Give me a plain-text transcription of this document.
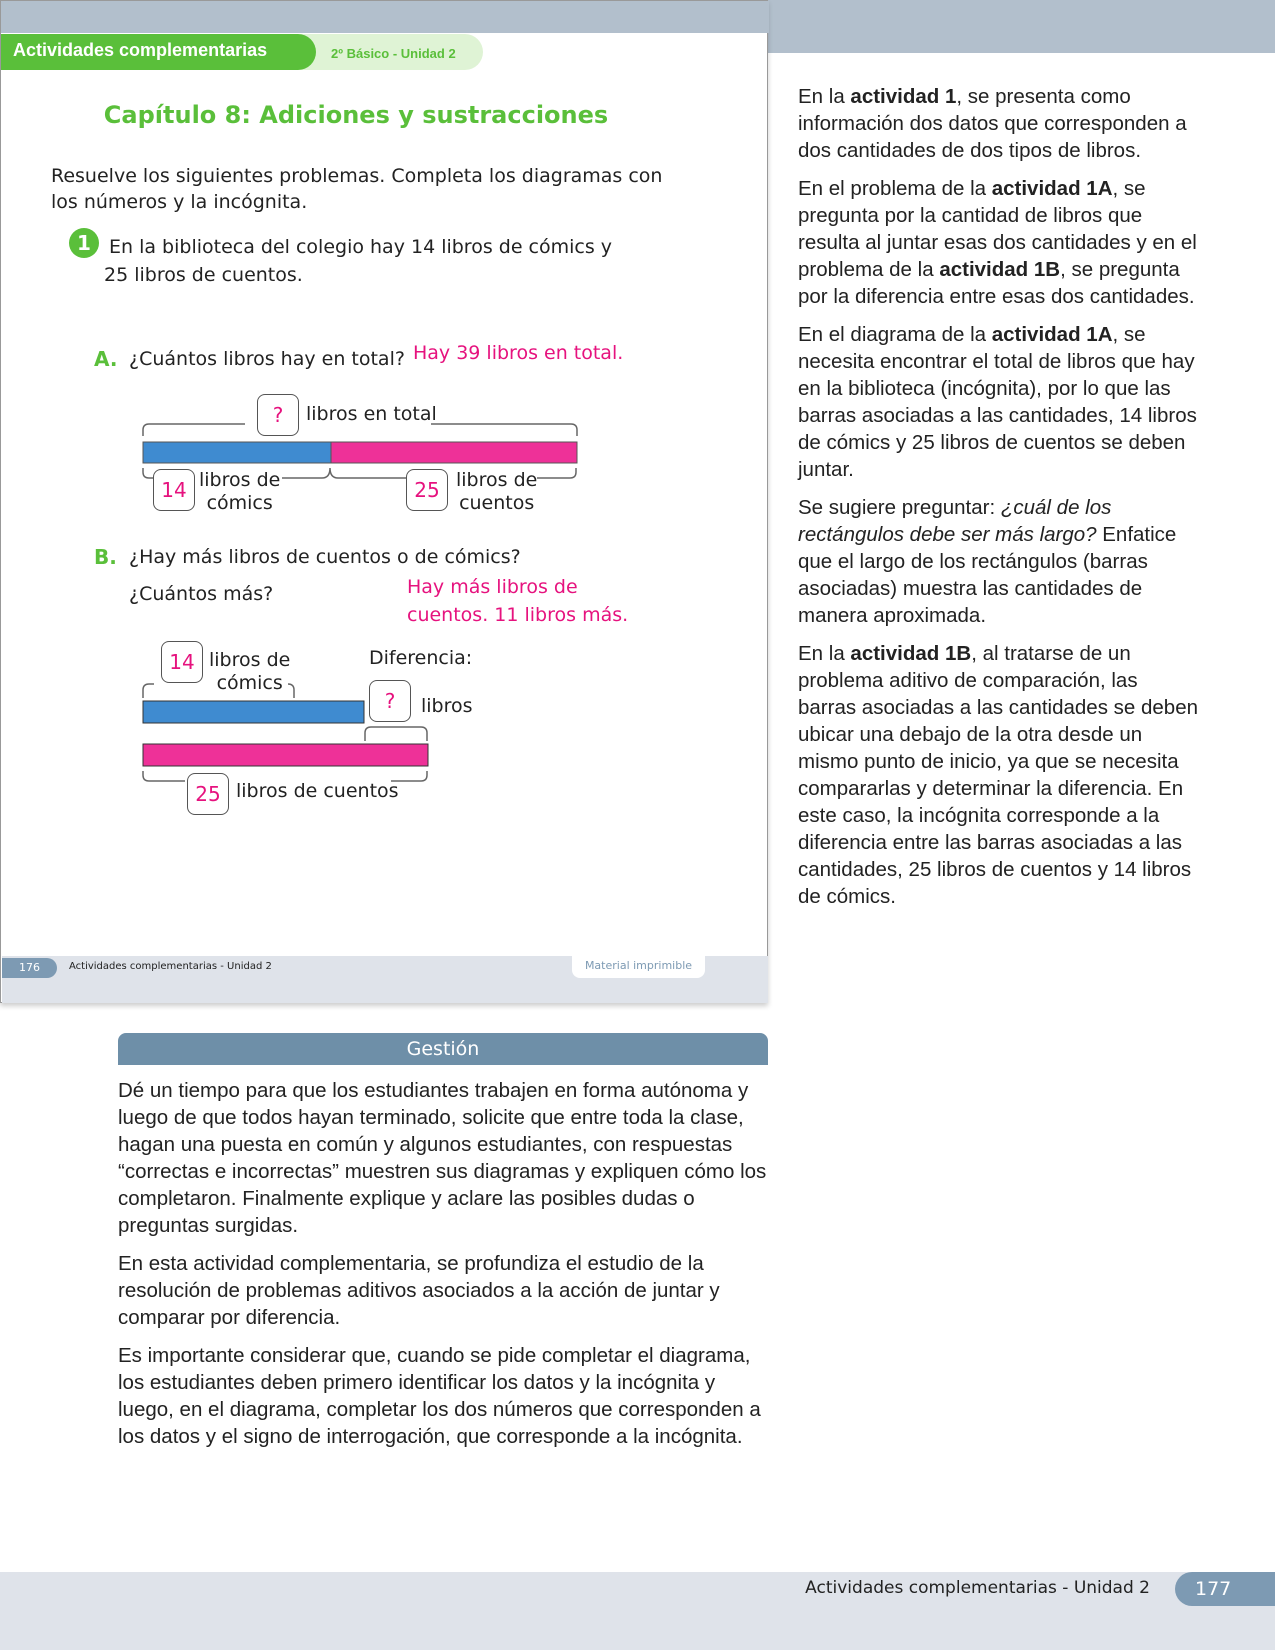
Actividades complementarias	2º Básico - Unidad 2
Capítulo 8: Adiciones y sustracciones
Resuelve los siguientes problemas. Completa los diagramas con los números y la incógnita.
1 En la biblioteca del colegio hay 14 libros de cómics y
25 libros de cuentos.
A. ¿Cuántos libros hay en total? Hay 39 libros en total.
?	libros en total
14 libros de
cómics
25 libros de
cuentos
B. ¿Hay más libros de cuentos o de cómics?
¿Cuántos más?	Hay más libros de
cuentos. 11 libros más.
14 libros de
cómics
Diferencia:
?	libros
25 libros de cuentos
176	Actividades complementarias - Unidad 2	Material imprimible

En la actividad 1, se presenta como información dos datos que corresponden a dos cantidades de dos tipos de libros.

En el problema de la actividad 1A, se pregunta por la cantidad de libros que resulta al juntar esas dos cantidades y en el problema de la actividad 1B, se pregunta por la diferencia entre esas dos cantidades.

En el diagrama de la actividad 1A, se necesita encontrar el total de libros que hay en la biblioteca (incógnita), por lo que las barras asociadas a las cantidades, 14 libros de cómics y 25 libros de cuentos se deben juntar.

Se sugiere preguntar: ¿cuál de los rectángulos debe ser más largo? Enfatice que el largo de los rectángulos (barras asociadas) muestra las cantidades de manera aproximada.

En la actividad 1B, al tratarse de un problema aditivo de comparación, las barras asociadas a las cantidades se deben ubicar una debajo de la otra desde un mismo punto de inicio, ya que se necesita compararlas y determinar la diferencia. En este caso, la incógnita corresponde a la diferencia entre las barras asociadas a las cantidades, 25 libros de cuentos y 14 libros de cómics.

Gestión

Dé un tiempo para que los estudiantes trabajen en forma autónoma y luego de que todos hayan terminado, solicite que entre toda la clase, hagan una puesta en común y algunos estudiantes, con respuestas “correctas e incorrectas” muestren sus diagramas y expliquen cómo los completaron. Finalmente explique y aclare las posibles dudas o preguntas surgidas.

En esta actividad complementaria, se profundiza el estudio de la resolución de problemas aditivos asociados a la acción de juntar y comparar por diferencia.

Es importante considerar que, cuando se pide completar el diagrama, los estudiantes deben primero identificar los datos y la incógnita y luego, en el diagrama, completar los dos números que corresponden a los datos y el signo de interrogación, que corresponde a la incógnita.

Actividades complementarias - Unidad 2	177
